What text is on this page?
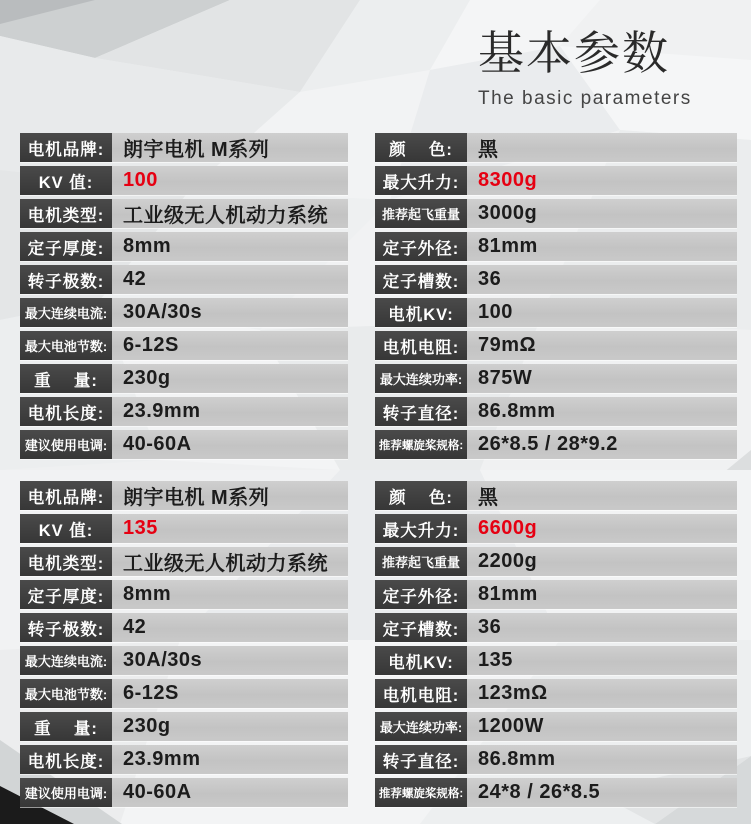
基本参数
The basic parameters
电机品牌: 朗宇电机 M系列
KV 值:	100
电机类型: 工业级无人机动力系统
定子厚度: 8mm
转子极数: 42
最大连续电流: 30A/30s
最大电池节数: 6-12S
重    量:	230g
电机长度: 23.9mm
建议使用电调: 40-60A
颜    色:	黑
最大升力: 8300g
推荐起飞重量 3000g
定子外径: 81mm
定子槽数: 36
电机KV:	100
电机电阻: 79mΩ
最大连续功率: 875W
转子直径: 86.8mm
推荐螺旋桨规格: 26*8.5 / 28*9.2
电机品牌: 朗宇电机 M系列
KV 值:	135
电机类型: 工业级无人机动力系统
定子厚度: 8mm
转子极数: 42
最大连续电流: 30A/30s
最大电池节数: 6-12S
重    量:	230g
电机长度: 23.9mm
建议使用电调: 40-60A
颜    色:	黑
最大升力: 6600g
推荐起飞重量 2200g
定子外径: 81mm
定子槽数: 36
电机KV:	135
电机电阻: 123mΩ
最大连续功率: 1200W
转子直径: 86.8mm
推荐螺旋桨规格: 24*8 / 26*8.5
